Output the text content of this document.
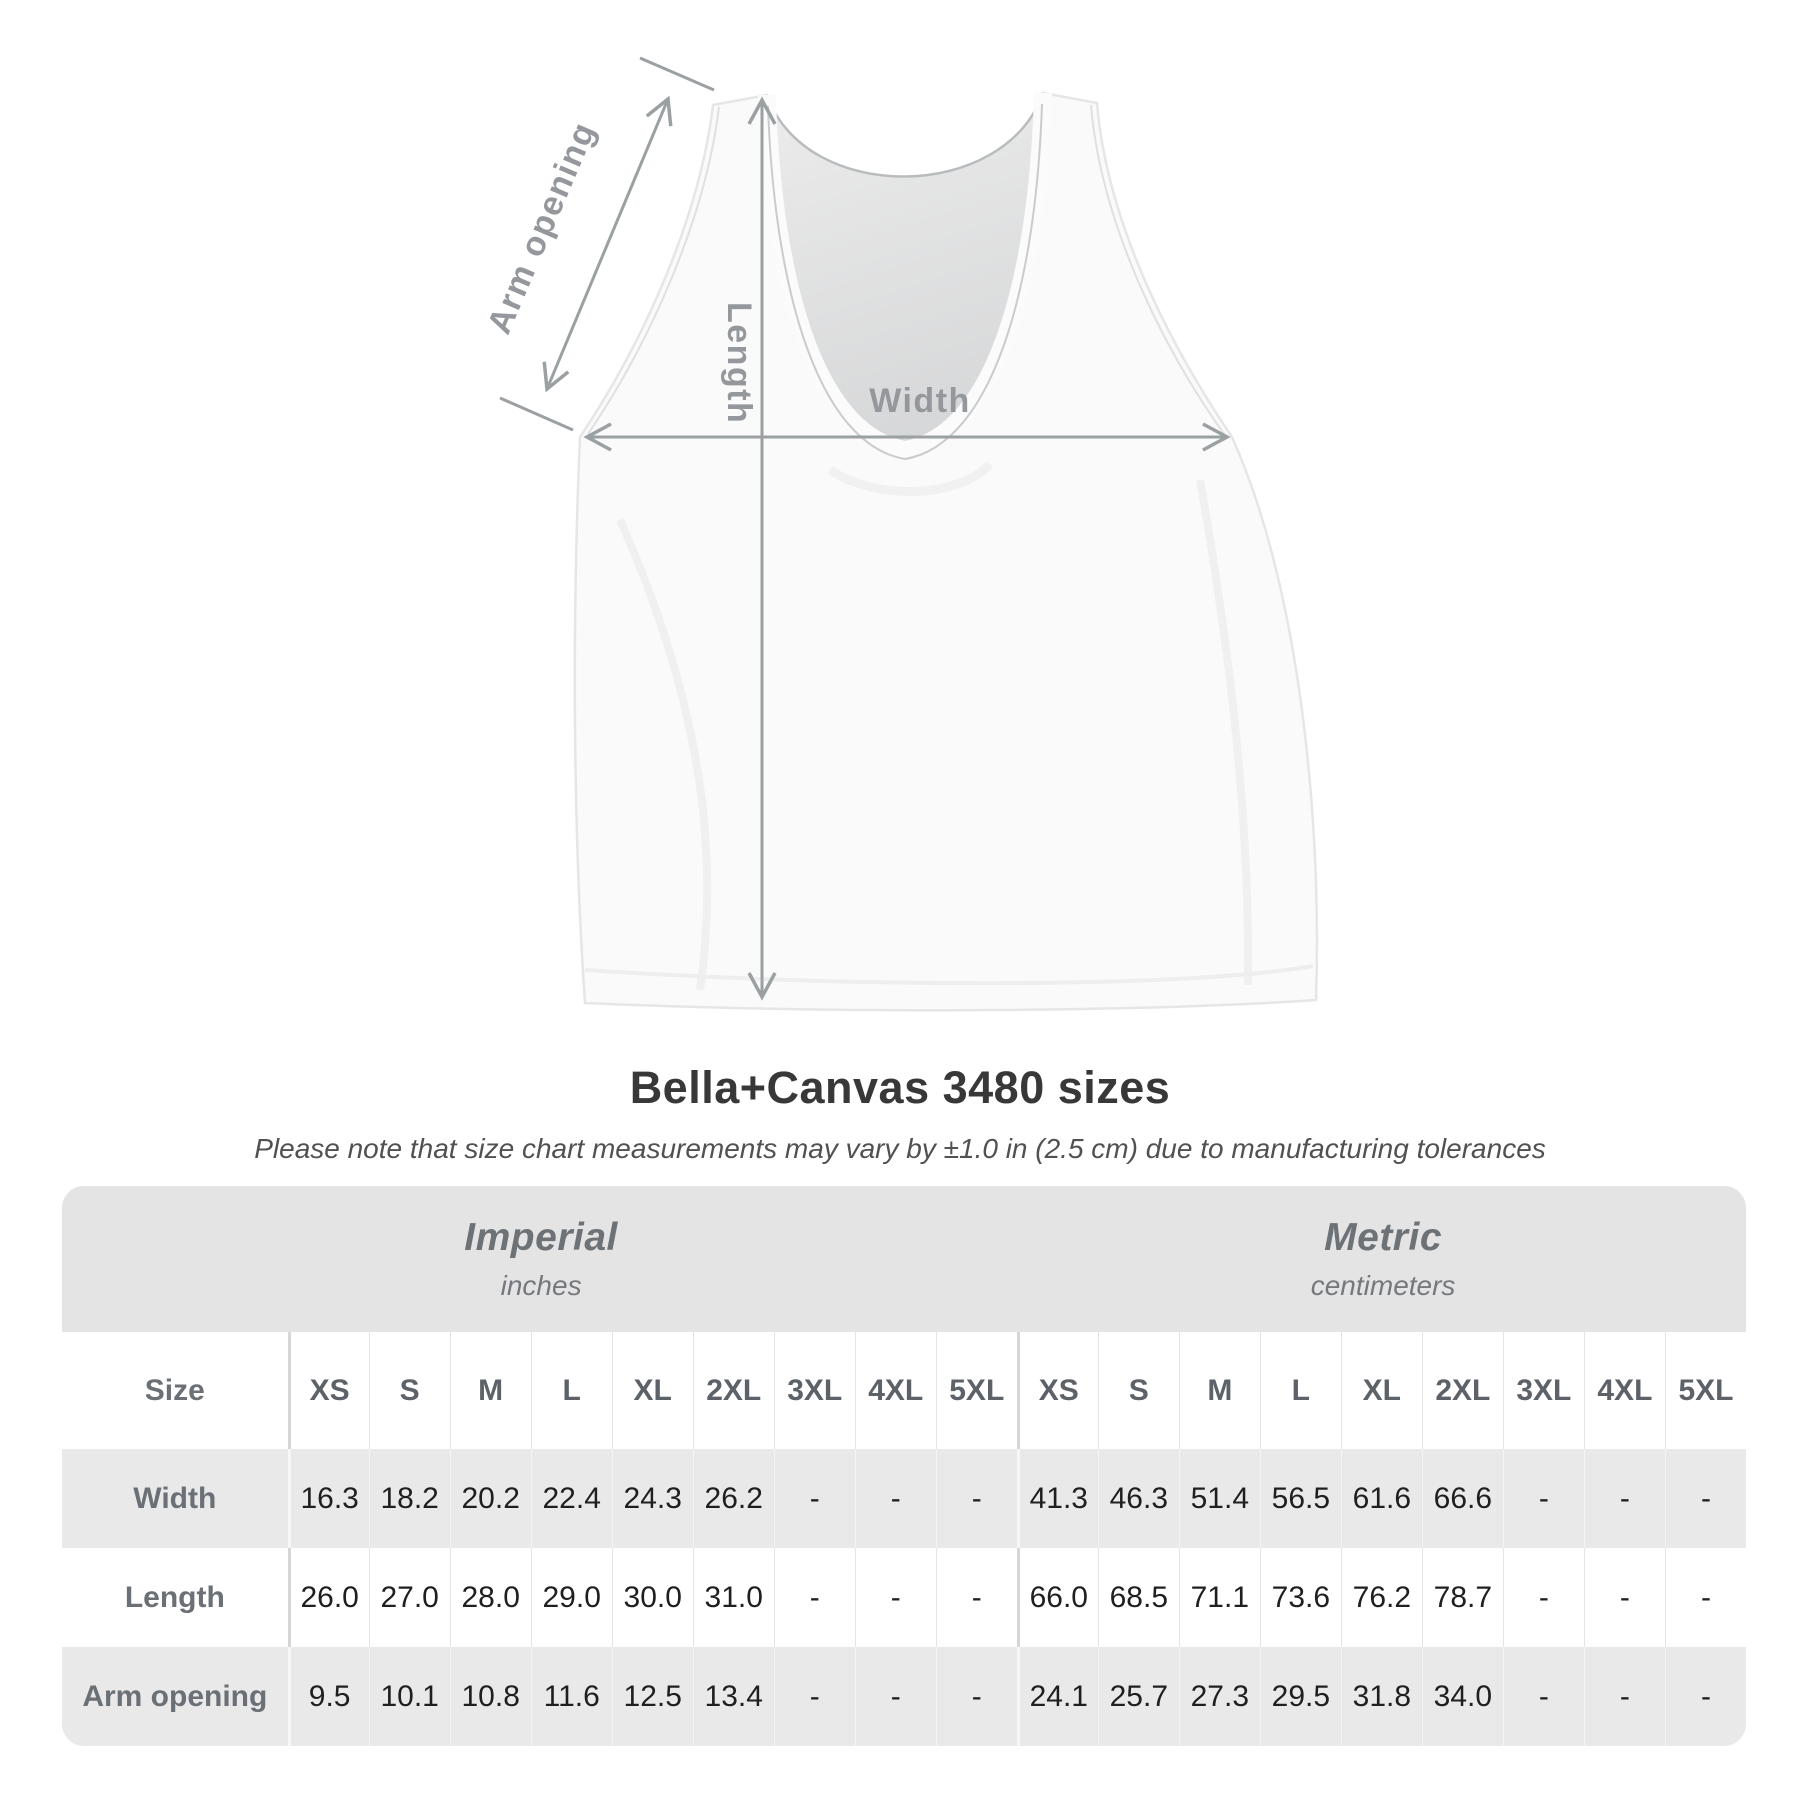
Arm opening
Length	Width
Bella+Canvas 3480 sizes
Please note that size chart measurements may vary by ±1.0 in (2.5 cm) due to manufacturing tolerances
Imperial
inches
Metric
centimeters
Size	XS	S	M	L	XL	2XL	3XL	4XL	5XL	XS	S	M	L	XL	2XL	3XL	4XL	5XL
Width	16.3	18.2	20.2	22.4	24.3	26.2	-	-	-	41.3	46.3	51.4	56.5	61.6	66.6	-	-	-
Length	26.0	27.0	28.0	29.0	30.0	31.0	-	-	-	66.0	68.5	71.1	73.6	76.2	78.7	-	-	-
Arm opening	9.5	10.1	10.8	11.6	12.5	13.4	-	-	-	24.1	25.7	27.3	29.5	31.8	34.0	-	-	-
